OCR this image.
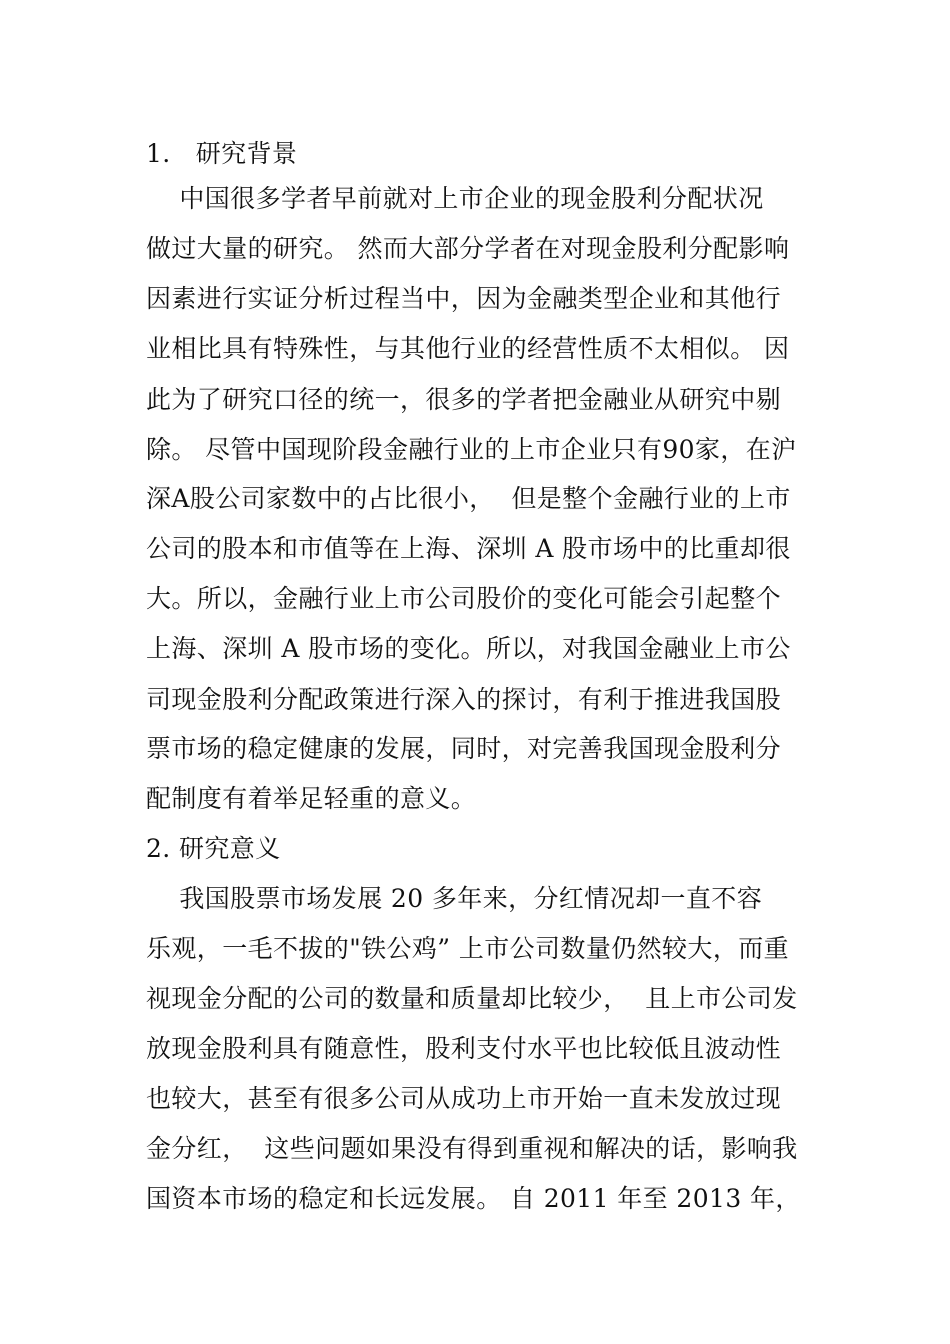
1.   研究背景
中国很多学者早前就对上市企业的现金股利分配状况
做过大量的研究。 然而大部分学者在对现金股利分配影响
因素进行实证分析过程当中，因为金融类型企业和其他行
业相比具有特殊性，与其他行业的经营性质不太相似。 因
此为了研究口径的统一，很多的学者把金融业从研究中剔
除。 尽管中国现阶段金融行业的上市企业只有90家，在沪
深A股公司家数中的占比很小，  但是整个金融行业的上市
公司的股本和市值等在上海、深圳 A 股市场中的比重却很
大。所以，金融行业上市公司股价的变化可能会引起整个
上海、深圳 A 股市场的变化。所以，对我国金融业上市公
司现金股利分配政策进行深入的探讨，有利于推进我国股
票市场的稳定健康的发展，同时，对完善我国现金股利分
配制度有着举足轻重的意义。
2. 研究意义
我国股票市场发展 20 多年来，分红情况却一直不容
乐观，一毛不拔的"铁公鸡” 上市公司数量仍然较大，而重
视现金分配的公司的数量和质量却比较少，  且上市公司发
放现金股利具有随意性，股利支付水平也比较低且波动性
也较大，甚至有很多公司从成功上市开始一直未发放过现
金分红，  这些问题如果没有得到重视和解决的话，影响我
国资本市场的稳定和长远发展。 自 2011 年至 2013 年，
